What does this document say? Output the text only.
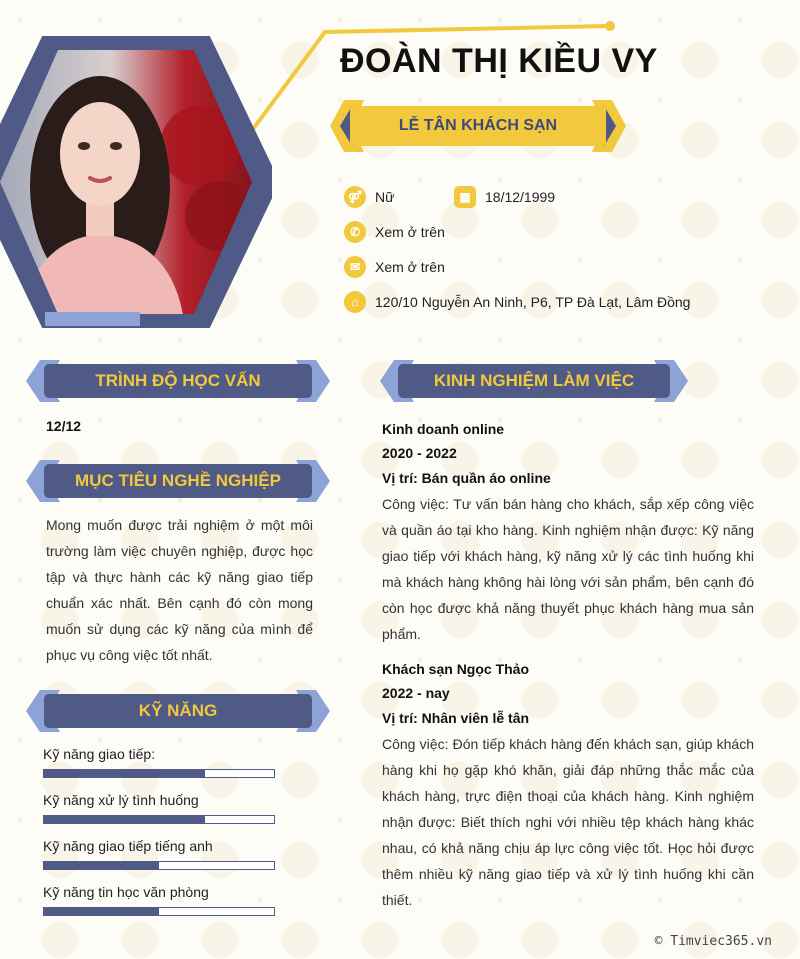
ĐOÀN THỊ KIỀU VY
LỄ TÂN KHÁCH SẠN
⚤ Nữ	▦	18/12/1999
✆	Xem ở trên
✉	Xem ở trên
⌂	120/10 Nguyễn An Ninh, P6, TP Đà Lạt, Lâm Đồng
TRÌNH ĐỘ HỌC VẤN
12/12
MỤC TIÊU NGHỀ NGHIỆP
Mong muốn được trải nghiệm ở một môi trường làm việc chuyên nghiệp, được học tập và thực hành các kỹ năng giao tiếp chuẩn xác nhất. Bên cạnh đó còn mong muốn sử dụng các kỹ năng của mình để phục vụ công việc tốt nhất.
KỸ NĂNG
Kỹ năng giao tiếp:
Kỹ năng xử lý tình huống
Kỹ năng giao tiếp tiếng anh
Kỹ năng tin học văn phòng
KINH NGHIỆM LÀM VIỆC
Kinh doanh online
2020 - 2022
Vị trí: Bán quần áo online
Công việc: Tư vấn bán hàng cho khách, sắp xếp công việc và quần áo tại kho hàng. Kinh nghiệm nhận được: Kỹ năng giao tiếp với khách hàng, kỹ năng xử lý các tình huống khi mà khách hàng không hài lòng với sản phẩm, bên cạnh đó còn học được khả năng thuyết phục khách hàng mua sản phẩm.
Khách sạn Ngọc Thảo
2022 - nay
Vị trí: Nhân viên lễ tân
Công việc: Đón tiếp khách hàng đến khách sạn, giúp khách hàng khi họ gặp khó khăn, giải đáp những thắc mắc của khách hàng, trực điện thoại của khách hàng. Kinh nghiệm nhận được: Biết thích nghi với nhiều tệp khách hàng khác nhau, có khả năng chịu áp lực công việc tốt. Học hỏi được thêm nhiều kỹ năng giao tiếp và xử lý tình huống khi cần thiết.
© Timviec365.vn
